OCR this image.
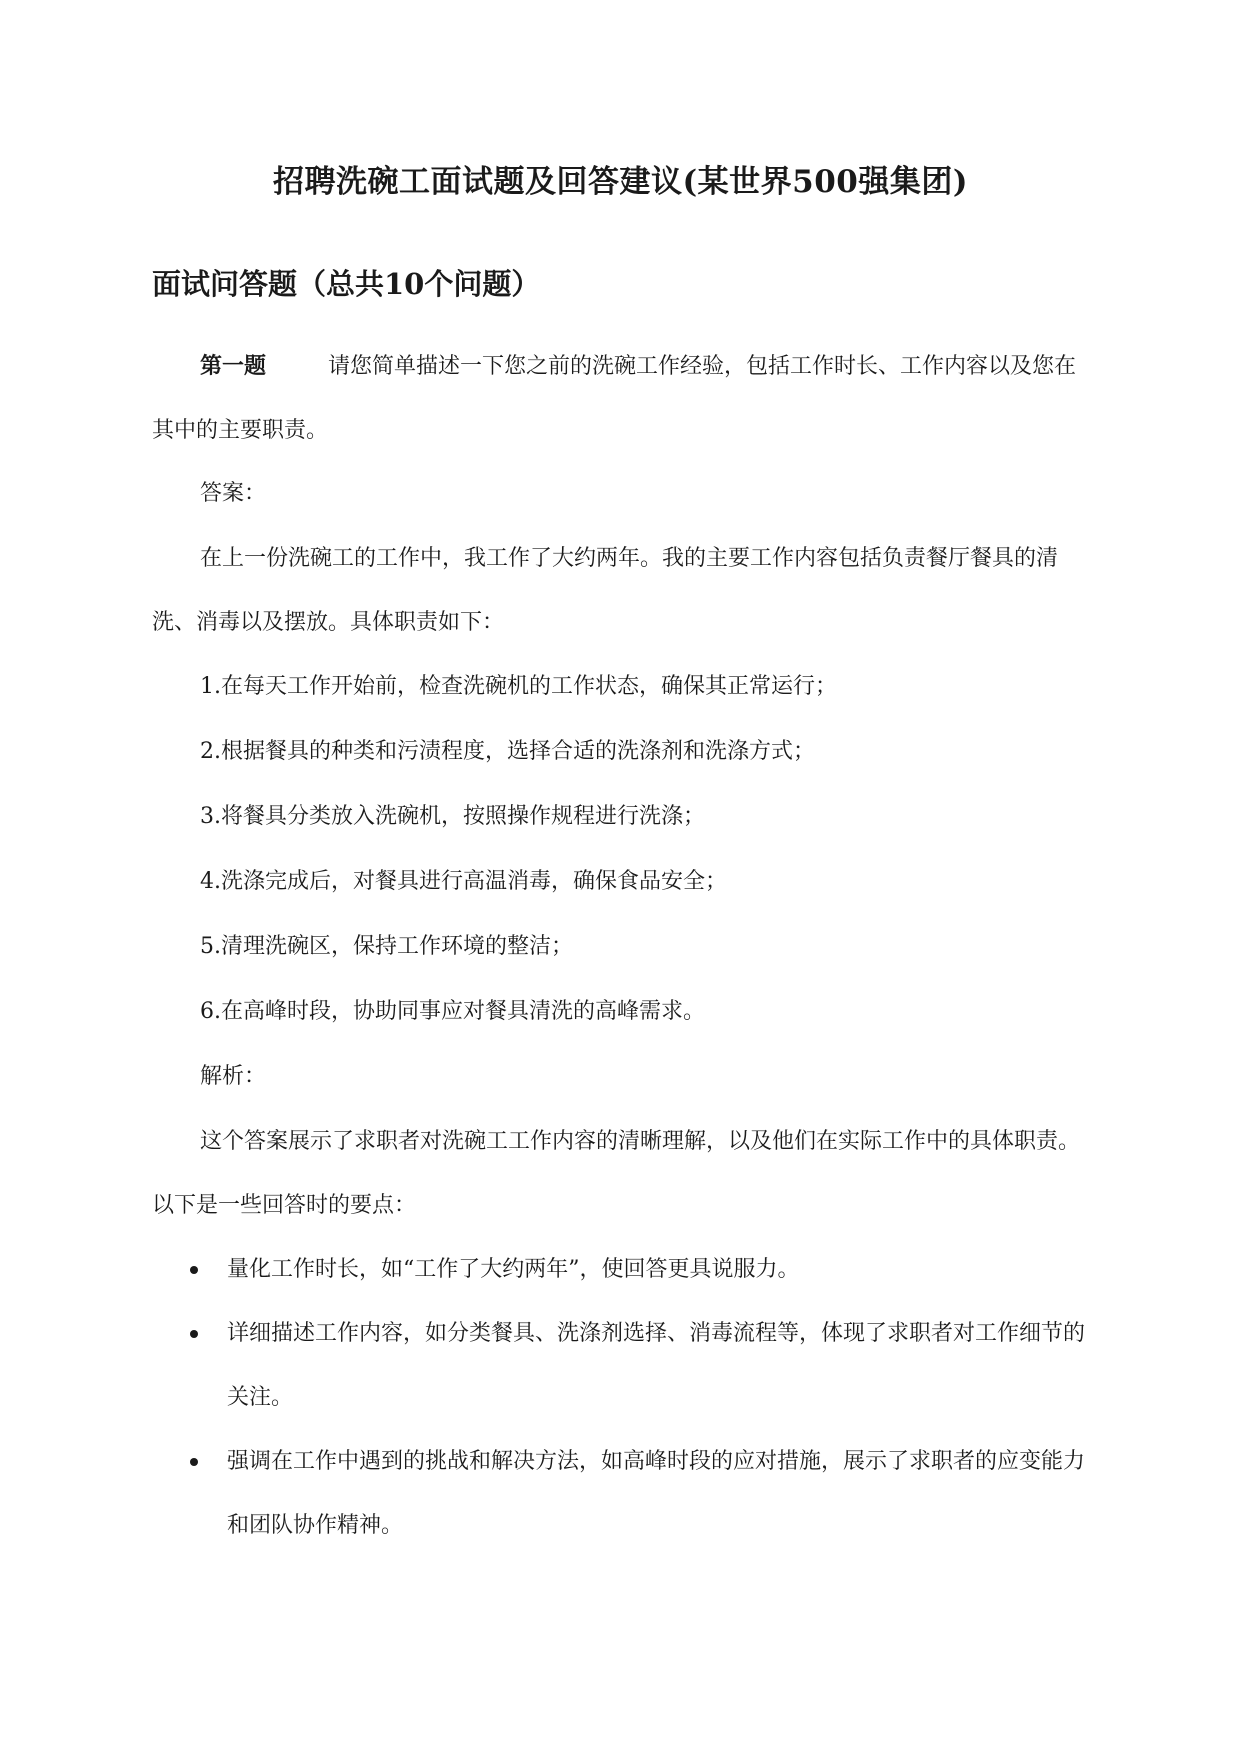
招聘洗碗工面试题及回答建议(某世界500强集团)
面试问答题（总共10个问题）

第一题	请您简单描述一下您之前的洗碗工作经验，包括工作时长、工作内容以及您在其中的主要职责。

答案：

在上一份洗碗工的工作中，我工作了大约两年。我的主要工作内容包括负责餐厅餐具的清洗、消毒以及摆放。具体职责如下：

1.在每天工作开始前，检查洗碗机的工作状态，确保其正常运行；

2.根据餐具的种类和污渍程度，选择合适的洗涤剂和洗涤方式；

3.将餐具分类放入洗碗机，按照操作规程进行洗涤；

4.洗涤完成后，对餐具进行高温消毒，确保食品安全；

5.清理洗碗区，保持工作环境的整洁；

6.在高峰时段，协助同事应对餐具清洗的高峰需求。

解析：

这个答案展示了求职者对洗碗工工作内容的清晰理解，以及他们在实际工作中的具体职责。以下是一些回答时的要点：

量化工作时长，如“工作了大约两年”，使回答更具说服力。
详细描述工作内容，如分类餐具、洗涤剂选择、消毒流程等，体现了求职者对工作细节的关注。
强调在工作中遇到的挑战和解决方法，如高峰时段的应对措施，展示了求职者的应变能力和团队协作精神。
